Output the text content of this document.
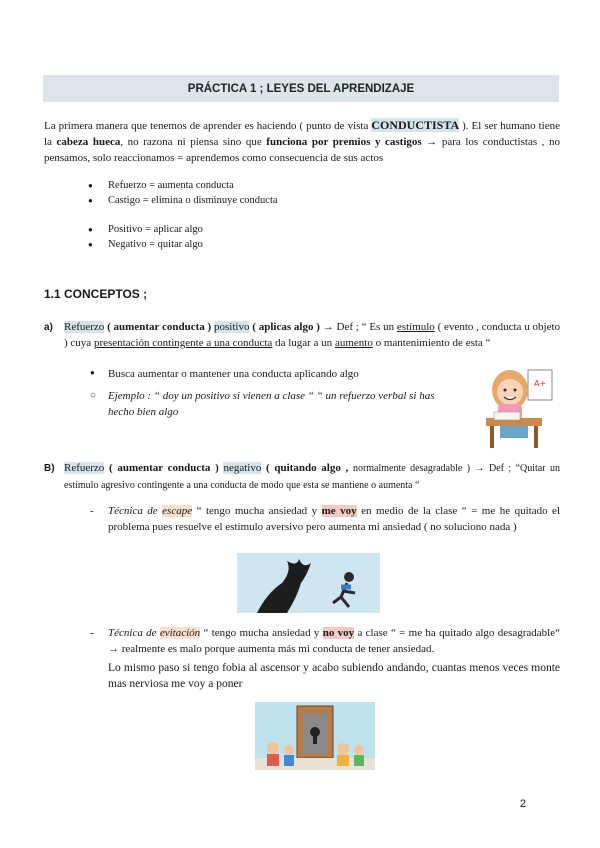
PRÁCTICA 1 ; LEYES DEL APRENDIZAJE
La primera manera que tenemos de aprender es haciendo ( punto de vista CONDUCTISTA ). El ser humano tiene la cabeza hueca, no razona ni piensa sino que funciona por premios y castigos → para los conductistas , no pensamos, solo reaccionamos = aprendemos como consecuencia de sus actos
● Refuerzo = aumenta conducta
● Castigo = elimina o disminuye conducta
● Positivo = aplicar algo
● Negativo = quitar algo
1.1 CONCEPTOS ;
a) Refuerzo ( aumentar conducta ) positivo ( aplicas algo ) → Def ; “ Es un estímulo ( evento , conducta u objeto ) cuya presentación contingente a una conducta da lugar a un aumento o mantenimiento de esta “
●	Busca aumentar o mantener una conducta aplicando algo
○ Ejemplo : “ doy un positivo si vienen a clase “ “ un refuerzo verbal si has hecho bien algo
A+
B) Refuerzo ( aumentar conducta ) negativo ( quitando algo , normalmente desagradable ) → Def ; “Quitar un estímulo agresivo contingente a una conducta de modo que esta se mantiene o aumenta “
- Técnica de escape “ tengo mucha ansiedad y me voy en medio de la clase “ = me he quitado el problema pues resuelve el estímulo aversivo pero aumenta mi ansiedad ( no soluciono nada )
- Técnica de evitación “ tengo mucha ansiedad y no voy a clase “ = me ha quitado algo desagradable“ → realmente es malo porque aumenta más mi conducta de tener ansiedad.
Lo mismo paso si tengo fobia al ascensor y acabo subiendo andando, cuantas menos veces monte mas nerviosa me voy a poner
2
